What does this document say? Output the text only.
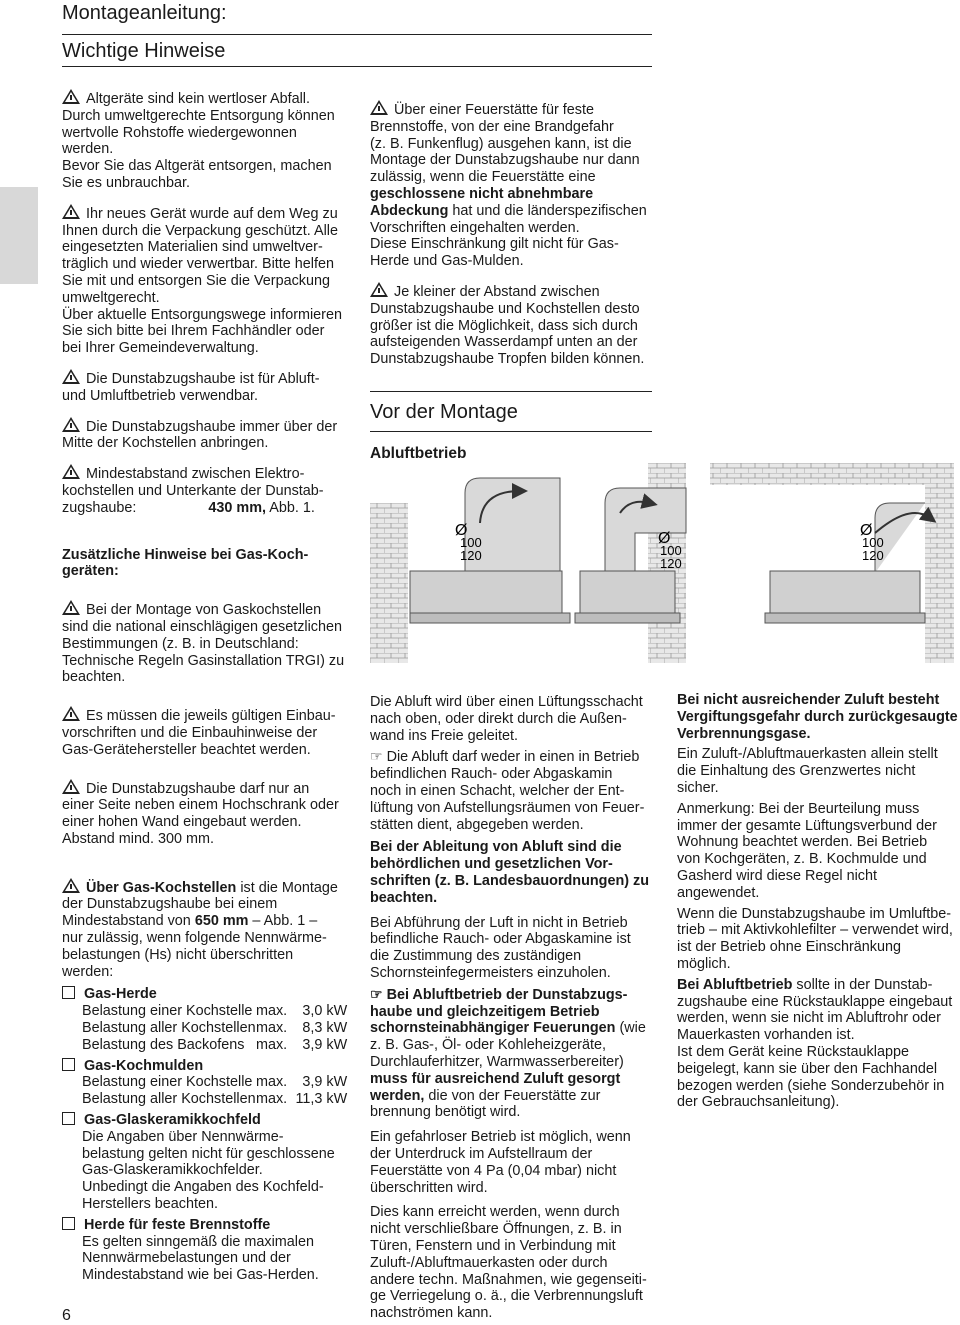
Montageanleitung:
Wichtige Hinweise

Altgeräte sind kein wertloser Abfall.
Durch umweltgerechte Entsorgung können
wertvolle Rohstoffe wiedergewonnen
werden.
Bevor Sie das Altgerät entsorgen, machen
Sie es unbrauchbar.

Ihr neues Gerät wurde auf dem Weg zu
Ihnen durch die Verpackung geschützt. Alle
eingesetzten Materialien sind umweltver-
träglich und wieder verwertbar. Bitte helfen
Sie mit und entsorgen Sie die Verpackung
umweltgerecht.
Über aktuelle Entsorgungswege informieren
Sie sich bitte bei Ihrem Fachhändler oder
bei Ihrer Gemeindeverwaltung.

Die Dunstabzugshaube ist für Abluft-
und Umluftbetrieb verwendbar.

Die Dunstabzugshaube immer über der
Mitte der Kochstellen anbringen.

Mindestabstand zwischen Elektro-
kochstellen und Unterkante der Dunstab-

zugshaube:	430 mm, Abb. 1.

Zusätzliche Hinweise bei Gas-Koch-
geräten:

Bei der Montage von Gaskochstellen
sind die national einschlägigen gesetzlichen
Bestimmungen (z. B. in Deutschland:
Technische Regeln Gasinstallation TRGI) zu
beachten.

Es müssen die jeweils gültigen Einbau-
vorschriften und die Einbauhinweise der
Gas-Gerätehersteller beachtet werden.

Die Dunstabzugshaube darf nur an
einer Seite neben einem Hochschrank oder
einer hohen Wand eingebaut werden.
Abstand mind. 300 mm.

Über Gas-Kochstellen ist die Montage

der Dunstabzugshaube bei einem

Mindestabstand von 650 mm – Abb. 1 –

nur zulässig, wenn folgende Nennwärme-
belastungen (Hs) nicht überschritten
werden:

Gas-Herde

Belastung einer Kochstelle max.	3,0 kW
Belastung aller Kochstellen max.	8,3 kW
Belastung des Backofens max.	3,9 kW

Gas-Kochmulden

Belastung einer Kochstelle max.	3,9 kW
Belastung aller Kochstellen max. 11,3 kW

Gas-Glaskeramikkochfeld

Die Angaben über Nennwärme-
belastung gelten nicht für geschlossene
Gas-Glaskeramikkochfelder.
Unbedingt die Angaben des Kochfeld-
Herstellers beachten.

Herde für feste Brennstoffe

Es gelten sinngemäß die maximalen
Nennwärmebelastungen und der
Mindestabstand wie bei Gas-Herden.

Über einer Feuerstätte für feste
Brennstoffe, von der eine Brandgefahr
(z. B. Funkenflug) ausgehen kann, ist die
Montage der Dunstabzugshaube nur dann
zulässig, wenn die Feuerstätte eine

geschlossene nicht abnehmbare

Abdeckung hat und die länderspezifischen

Vorschriften eingehalten werden.
Diese Einschränkung gilt nicht für Gas-
Herde und Gas-Mulden.

Je kleiner der Abstand zwischen
Dunstabzugshaube und Kochstellen desto
größer ist die Möglichkeit, dass sich durch
aufsteigenden Wasserdampf unten an der
Dunstabzugshaube Tropfen bilden können.

Vor der Montage
Abluftbetrieb
Ø
100
120
Ø
100
120
Ø
100
120

Die Abluft wird über einen Lüftungsschacht
nach oben, oder direkt durch die Außen-
wand ins Freie geleitet.

☞ Die Abluft darf weder in einen in Betrieb
befindlichen Rauch- oder Abgaskamin
noch in einen Schacht, welcher der Ent-
lüftung von Aufstellungsräumen von Feuer-
stätten dient, abgegeben werden.

Bei der Ableitung von Abluft sind die
behördlichen und gesetzlichen Vor-
schriften (z. B. Landesbauordnungen) zu
beachten.

Bei Abführung der Luft in nicht in Betrieb
befindliche Rauch- oder Abgaskamine ist
die Zustimmung des zuständigen
Schornsteinfegermeisters einzuholen.

☞ Bei Abluftbetrieb der Dunstabzugs-
haube und gleichzeitigem Betrieb

schornsteinabhängiger Feuerungen (wie

z. B. Gas-, Öl- oder Kohleheizgeräte,
Durchlauferhitzer, Warmwasserbereiter)

muss für ausreichend Zuluft gesorgt

werden, die von der Feuerstätte zur

brennung benötigt wird.

Ein gefahrloser Betrieb ist möglich, wenn
der Unterdruck im Aufstellraum der
Feuerstätte von 4 Pa (0,04 mbar) nicht
überschritten wird.

Dies kann erreicht werden, wenn durch
nicht verschließbare Öffnungen, z. B. in
Türen, Fenstern und in Verbindung mit
Zuluft-/Abluftmauerkasten oder durch
andere techn. Maßnahmen, wie gegenseiti-
ge Verriegelung o. ä., die Verbrennungsluft
nachströmen kann.

Bei nicht ausreichender Zuluft besteht
Vergiftungsgefahr durch zurückgesaugte
Verbrennungsgase.

Ein Zuluft-/Abluftmauerkasten allein stellt
die Einhaltung des Grenzwertes nicht
sicher.

Anmerkung: Bei der Beurteilung muss
immer der gesamte Lüftungsverbund der
Wohnung beachtet werden. Bei Betrieb
von Kochgeräten, z. B. Kochmulde und
Gasherd wird diese Regel nicht
angewendet.

Wenn die Dunstabzugshaube im Umluftbe-
trieb – mit Aktivkohlefilter – verwendet wird,
ist der Betrieb ohne Einschränkung
möglich.

Bei Abluftbetrieb sollte in der Dunstab-

zugshaube eine Rückstauklappe eingebaut
werden, wenn sie nicht im Abluftrohr oder
Mauerkasten vorhanden ist.
Ist dem Gerät keine Rückstauklappe
beigelegt, kann sie über den Fachhandel
bezogen werden (siehe Sonderzubehör in
der Gebrauchsanleitung).

6
